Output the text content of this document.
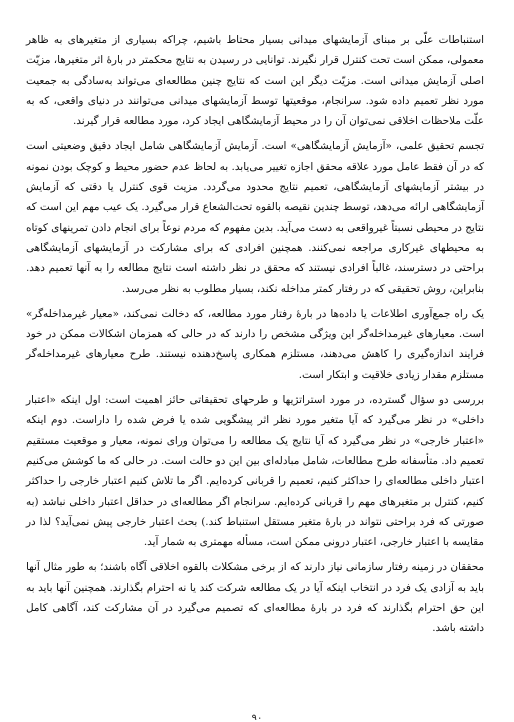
استنباطات علّی بر مبنای آزمایشهای میدانی بسیار محتاط باشیم، چراکه بسیاری از متغیرهای به ظاهر معمولی، ممکن است تحت کنترل قرار نگیرند. توانایی در رسیدن به نتایج محکمتر در بارهٔ اثر متغیرها، مزیّت اصلی آزمایش میدانی است. مزیّت دیگر این است که نتایج چنین مطالعه‌ای می‌تواند به‌سادگی به جمعیت مورد نظر تعمیم داده شود. سرانجام، موقعیتها توسط آزمایشهای میدانی می‌توانند در دنیای واقعی، که به علّت ملاحظات اخلاقی نمی‌توان آن را در محیط آزمایشگاهی ایجاد کرد، مورد مطالعه قرار گیرند.

تجسم تحقیق علمی، «آزمایش آزمایشگاهی» است. آزمایش آزمایشگاهی شامل ایجاد دقیق وضعیتی است که در آن فقط عامل مورد علاقه محقق اجازه تغییر می‌یابد. به لحاظ عدم حضور محیط و کوچک بودن نمونه در بیشتر آزمایشهای آزمایشگاهی، تعمیم نتایج محدود می‌گردد. مزیت قوی کنترل یا دقتی که آزمایش آزمایشگاهی ارائه می‌دهد، توسط چندین نقیصه بالقوه تحت‌الشعاع قرار می‌گیرد. یک عیب مهم این است که نتایج در محیطی نسبتاً غیرواقعی به دست می‌آید. بدین مفهوم که مردم نوعاً برای انجام دادن تمرینهای کوتاه به محیطهای غیرکاری مراجعه نمی‌کنند. همچنین افرادی که برای مشارکت در آزمایشهای آزمایشگاهی براحتی در دسترسند، غالباً افرادی نیستند که محقق در نظر داشته است نتایج مطالعه را به آنها تعمیم دهد. بنابراین، روش تحقیقی که در رفتار کمتر مداخله نکند، بسیار مطلوب به نظر می‌رسد.

یک راه جمع‌آوری اطلاعات یا داده‌ها در بارهٔ رفتار مورد مطالعه، که دخالت نمی‌کند، «معیار غیرمداخله‌گر» است. معیارهای غیرمداخله‌گر این ویژگی مشخص را دارند که در حالی که همزمان اشکالات ممکن در خود فرایند اندازه‌گیری را کاهش می‌دهند، مستلزم همکاری پاسخ‌دهنده نیستند. طرح معیارهای غیرمداخله‌گر مستلزم مقدار زیادی خلاقیت و ابتکار است.

بررسی دو سؤال گسترده، در مورد استراتژیها و طرحهای تحقیقاتی حائز اهمیت است: اول اینکه «اعتبار داخلی» در نظر می‌گیرد که آیا متغیر مورد نظر اثر پیشگویی شده یا فرض شده را داراست. دوم اینکه «اعتبار خارجی» در نظر می‌گیرد که آیا نتایج یک مطالعه را می‌توان ورای نمونه، معیار و موقعیت مستقیم تعمیم داد. متأسفانه طرح مطالعات، شامل مبادله‌ای بین این دو حالت است. در حالی که ما کوشش می‌کنیم اعتبار داخلی مطالعه‌ای را حداکثر کنیم، تعمیم را قربانی کرده‌ایم. اگر ما تلاش کنیم اعتبار خارجی را حداکثر کنیم، کنترل بر متغیرهای مهم را قربانی کرده‌ایم. سرانجام اگر مطالعه‌ای در حداقل اعتبار داخلی نباشد (به صورتی که فرد براحتی نتواند در بارهٔ متغیر مستقل استنباط کند.) بحث اعتبار خارجی پیش نمی‌آید؟ لذا در مقایسه با اعتبار خارجی، اعتبار درونی ممکن است، مسأله مهمتری به شمار آید.

محققان در زمینه رفتار سازمانی نیاز دارند که از برخی مشکلات بالقوه اخلاقی آگاه باشند؛ به طور مثال آنها باید به آزادی یک فرد در انتخاب اینکه آیا در یک مطالعه شرکت کند یا نه احترام بگذارند. همچنین آنها باید به این حق احترام بگذارند که فرد در بارهٔ مطالعه‌ای که تصمیم می‌گیرد در آن مشارکت کند، آگاهی کامل داشته باشد.

۹۰
